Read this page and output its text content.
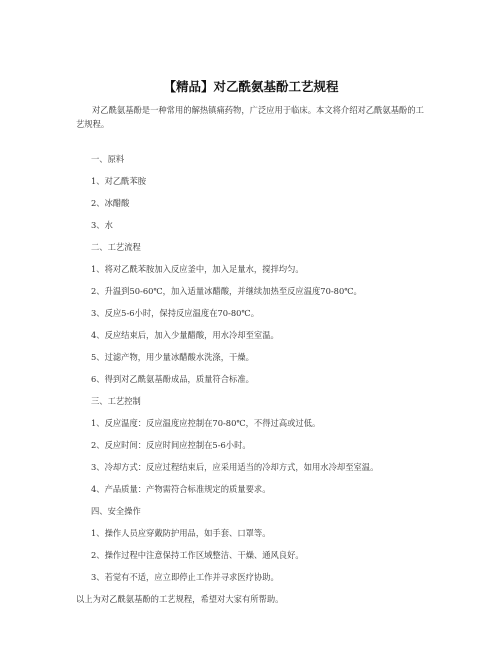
【精品】对乙酰氨基酚工艺规程

对乙酰氨基酚是一种常用的解热镇痛药物，广泛应用于临床。本文将介绍对乙酰氨基酚的工艺规程。

一、原料

1、对乙酰苯胺

2、冰醋酸

3、水

二、工艺流程

1、将对乙酰苯胺加入反应釜中，加入足量水，搅拌均匀。

2、升温到50-60℃，加入适量冰醋酸，并继续加热至反应温度70-80℃。

3、反应5-6小时，保持反应温度在70-80℃。

4、反应结束后，加入少量醋酸，用水冷却至室温。

5、过滤产物，用少量冰醋酸水洗涤，干燥。

6、得到对乙酰氨基酚成品，质量符合标准。

三、工艺控制

1、反应温度：反应温度应控制在70-80℃，不得过高或过低。

2、反应时间：反应时间应控制在5-6小时。

3、冷却方式：反应过程结束后，应采用适当的冷却方式，如用水冷却至室温。

4、产品质量：产物需符合标准规定的质量要求。

四、安全操作

1、操作人员应穿戴防护用品，如手套、口罩等。

2、操作过程中注意保持工作区域整洁、干燥、通风良好。

3、若觉有不适，应立即停止工作并寻求医疗协助。

以上为对乙酰氨基酚的工艺规程，希望对大家有所帮助。
